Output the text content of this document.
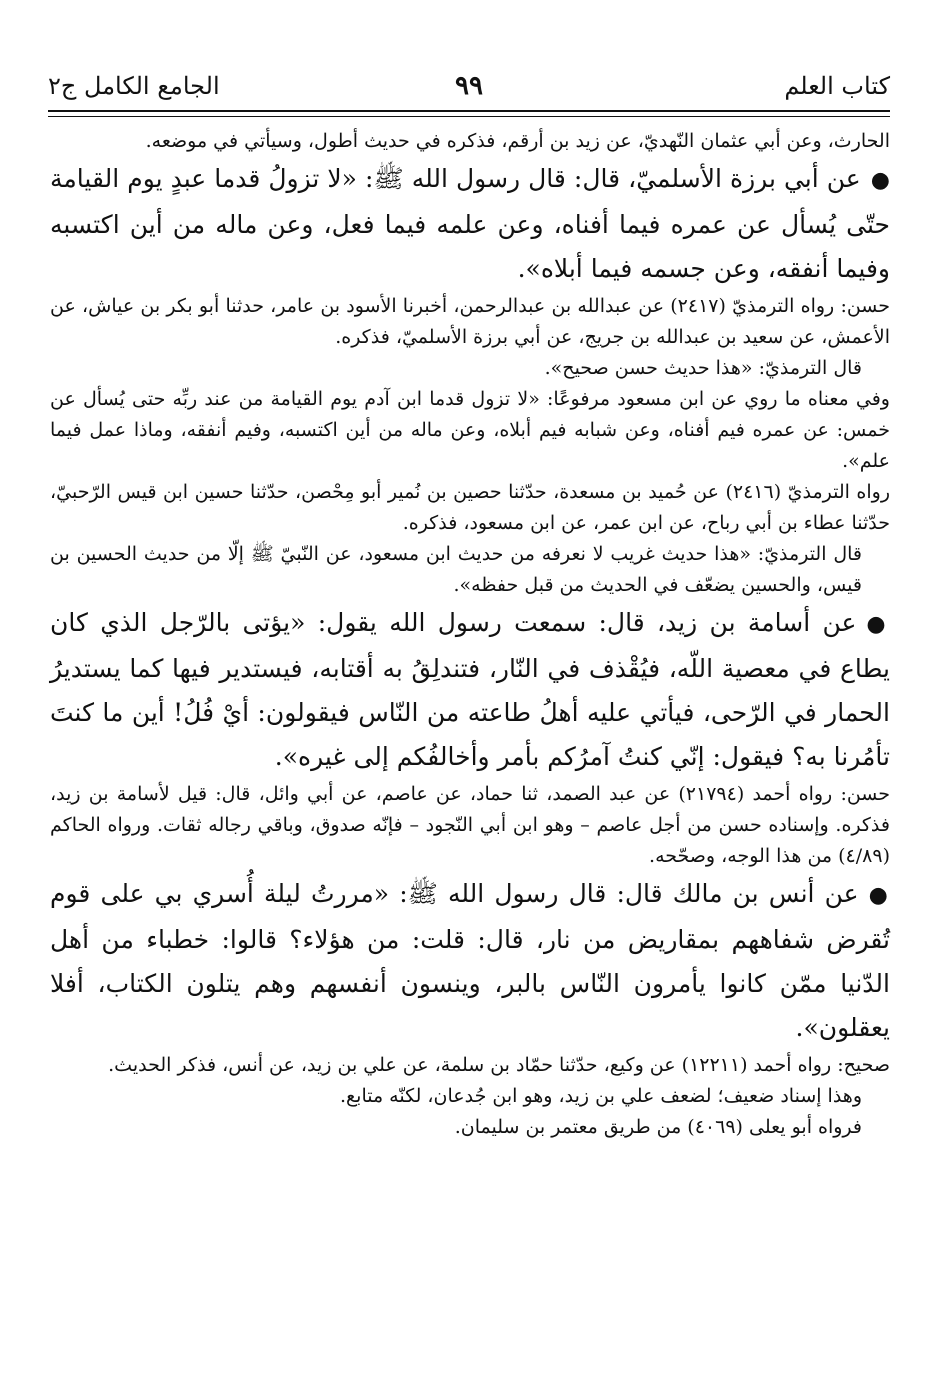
كتاب العلم
٩٩
الجامع الكامل ج٢

الحارث، وعن أبي عثمان النّهديّ، عن زيد بن أرقم، فذكره في حديث أطول، وسيأتي في موضعه.

●عن أبي برزة الأسلميّ، قال: قال رسول الله ﷺ: «لا تزولُ قدما عبدٍ يوم القيامة حتّى يُسأل عن عمره فيما أفناه، وعن علمه فيما فعل، وعن ماله من أين اكتسبه وفيما أنفقه، وعن جسمه فيما أبلاه».

حسن: رواه الترمذيّ (٢٤١٧) عن عبدالله بن عبدالرحمن، أخبرنا الأسود بن عامر، حدثنا أبو بكر بن عياش، عن الأعمش، عن سعيد بن عبدالله بن جريج، عن أبي برزة الأسلميّ، فذكره.

قال الترمذيّ: «هذا حديث حسن صحيح».

وفي معناه ما روي عن ابن مسعود مرفوعًا: «لا تزول قدما ابن آدم يوم القيامة من عند ربِّه حتى يُسأل عن خمس: عن عمره فيم أفناه، وعن شبابه فيم أبلاه، وعن ماله من أين اكتسبه، وفيم أنفقه، وماذا عمل فيما علم».

رواه الترمذيّ (٢٤١٦) عن حُميد بن مسعدة، حدّثنا حصين بن نُمير أبو مِحْصن، حدّثنا حسين ابن قيس الرّحبيّ، حدّثنا عطاء بن أبي رباح، عن ابن عمر، عن ابن مسعود، فذكره.

قال الترمذيّ: «هذا حديث غريب لا نعرفه من حديث ابن مسعود، عن النّبيّ ﷺ إلّا من حديث الحسين بن قيس، والحسين يضعّف في الحديث من قبل حفظه».

●عن أسامة بن زيد، قال: سمعت رسول الله يقول: «يؤتى بالرّجل الذي كان يطاع في معصية اللّه، فيُقْذف في النّار، فتندلِقُ به أقتابه، فيستدير فيها كما يستديرُ الحمار في الرّحى، فيأتي عليه أهلُ طاعته من النّاس فيقولون: أيْ فُلُ! أين ما كنتَ تأمُرنا به؟ فيقول: إنّي كنتُ آمرُكم بأمر وأخالفُكم إلى غيره».

حسن: رواه أحمد (٢١٧٩٤) عن عبد الصمد، ثنا حماد، عن عاصم، عن أبي وائل، قال: قيل لأسامة بن زيد، فذكره. وإسناده حسن من أجل عاصم – وهو ابن أبي النّجود – فإنّه صدوق، وباقي رجاله ثقات. ورواه الحاكم (٤/٨٩) من هذا الوجه، وصحّحه.

●عن أنس بن مالك قال: قال رسول الله ﷺ: «مررتُ ليلة أُسري بي على قوم تُقرض شفاههم بمقاريض من نار، قال: قلت: من هؤلاء؟ قالوا: خطباء من أهل الدّنيا ممّن كانوا يأمرون النّاس بالبر، وينسون أنفسهم وهم يتلون الكتاب، أفلا يعقلون».

صحيح: رواه أحمد (١٢٢١١) عن وكيع، حدّثنا حمّاد بن سلمة، عن علي بن زيد، عن أنس، فذكر الحديث.

وهذا إسناد ضعيف؛ لضعف علي بن زيد، وهو ابن جُدعان، لكنّه متابع.

فرواه أبو يعلى (٤٠٦٩) من طريق معتمر بن سليمان.
